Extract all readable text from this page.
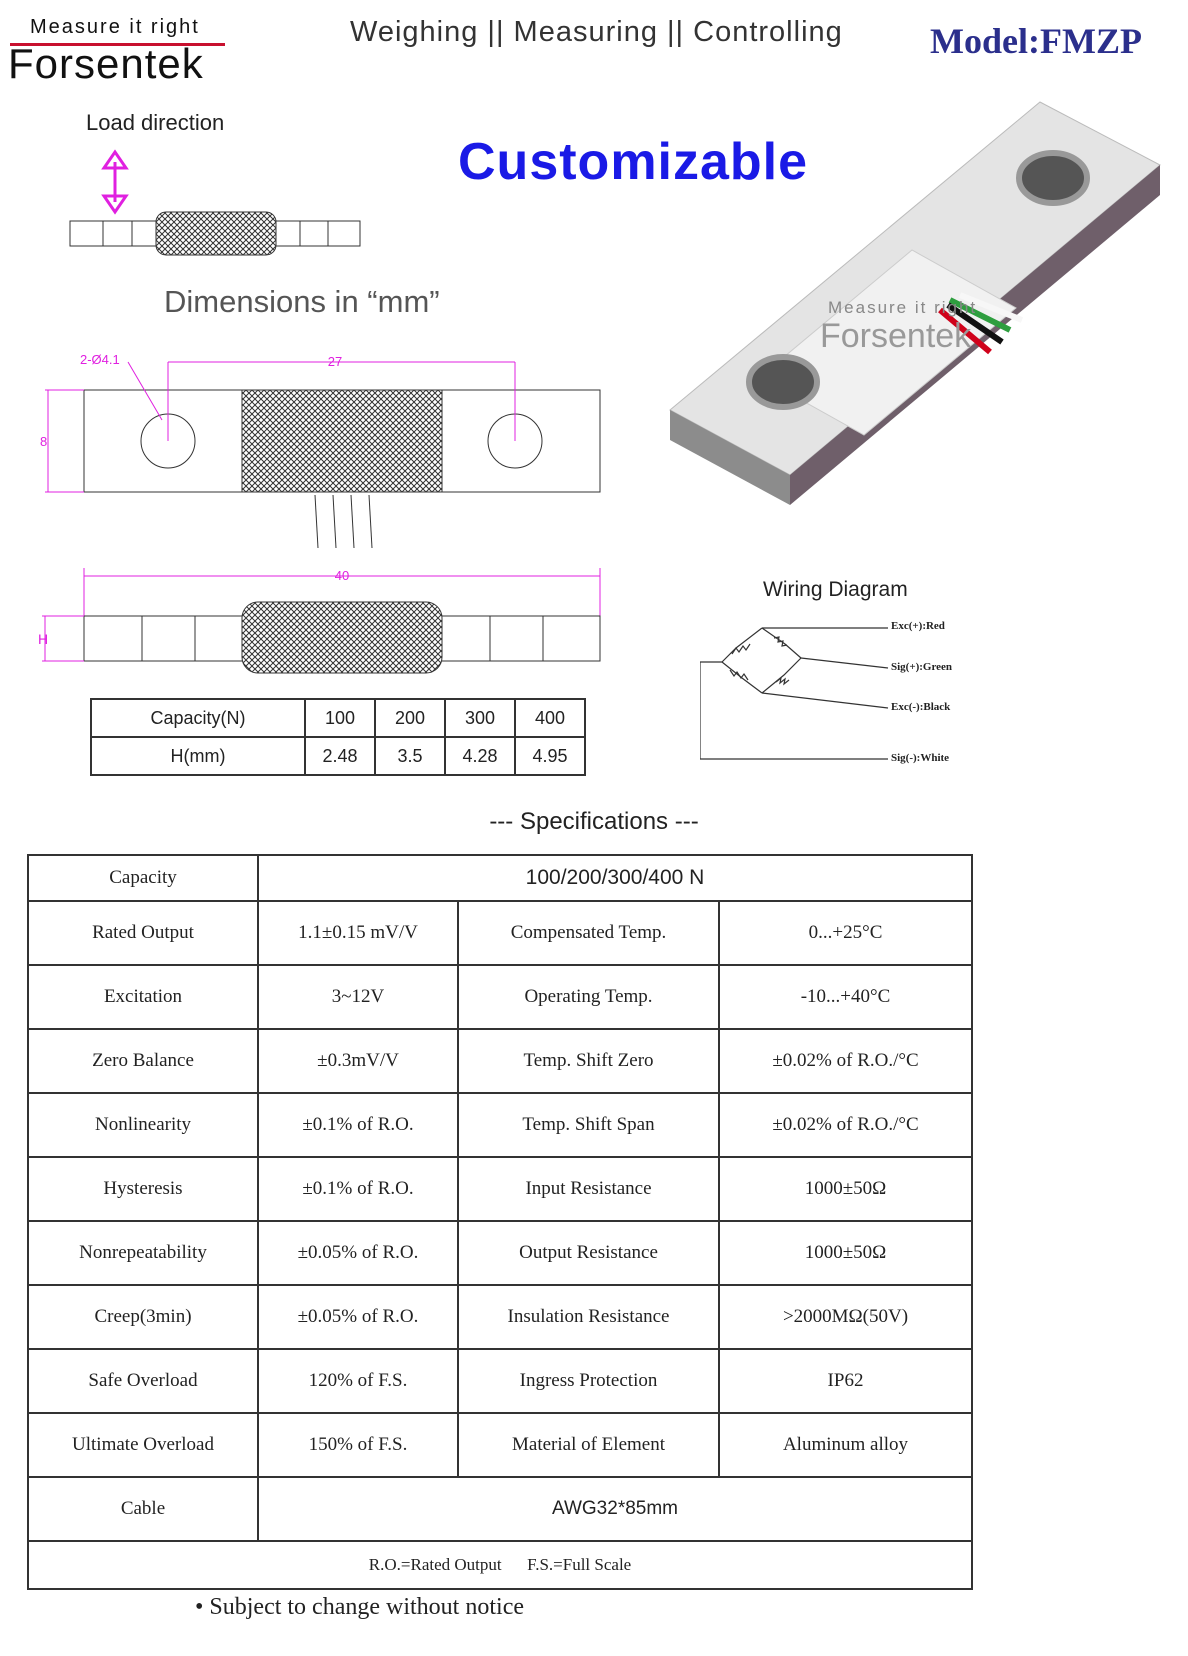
Measure it right
Forsentek
Weighing || Measuring || Controlling Model:FMZP
Load direction
Customizable
Dimensions in “mm”
2-Ø4.1	27
8
40
H
Measure it right
Forsentek
Wiring Diagram
Exc(+):Red
Sig(+):Green
Exc(-):Black
Sig(-):White
Capacity(N)	100	200	300	400
H(mm)	2.48	3.5	4.28	4.95
--- Specifications ---
Capacity	100/200/300/400 N		
Rated Output	1.1±0.15 mV/V	Compensated Temp.	0...+25°C
Excitation	3~12V	Operating Temp.	-10...+40°C
Zero Balance	±0.3mV/V	Temp. Shift Zero	±0.02% of R.O./°C
Nonlinearity	±0.1% of R.O.	Temp. Shift Span	±0.02% of R.O./°C
Hysteresis	±0.1% of R.O.	Input Resistance	1000±50Ω
Nonrepeatability	±0.05% of R.O.	Output Resistance	1000±50Ω
Creep(3min)	±0.05% of R.O.	Insulation Resistance	>2000MΩ(50V)
Safe Overload	120% of F.S.	Ingress Protection	IP62
Ultimate Overload	150% of F.S.	Material of Element	Aluminum alloy
Cable	AWG32*85mm		
R.O.=Rated Output      F.S.=Full Scale			
• Subject to change without notice
